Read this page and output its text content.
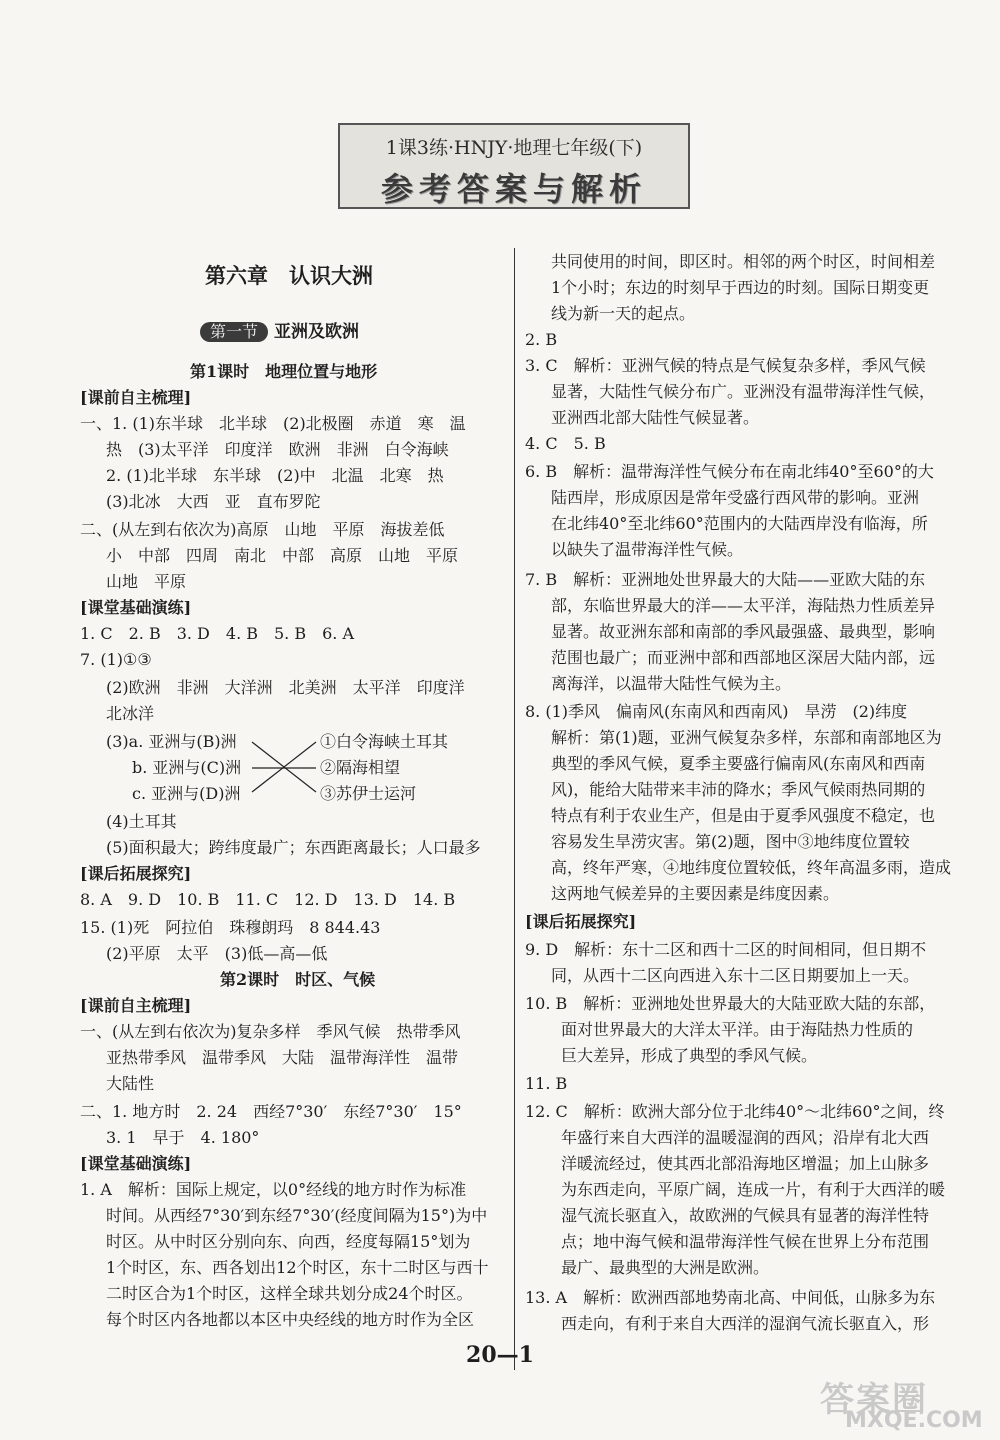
1课3练·HNJY·地理七年级(下)
参考答案与解析
第六章　认识大洲
第一节 亚洲及欧洲
第1课时　地理位置与地形
[课前自主梳理]
一、1. (1)东半球　北半球　(2)北极圈　赤道　寒　温
热　(3)太平洋　印度洋　欧洲　非洲　白令海峡
2. (1)北半球　东半球　(2)中　北温　北寒　热
(3)北冰　大西　亚　直布罗陀
二、(从左到右依次为)高原　山地　平原　海拔差低
小　中部　四周　南北　中部　高原　山地　平原
山地　平原
[课堂基础演练]
1. C　2. B　3. D　4. B　5. B　6. A
7. (1)①③
(2)欧洲　非洲　大洋洲　北美洲　太平洋　印度洋
北冰洋
(3)a. 亚洲与(B)洲
b. 亚洲与(C)洲
c. 亚洲与(D)洲
①白令海峡土耳其
②隔海相望
③苏伊士运河
(4)土耳其
(5)面积最大；跨纬度最广；东西距离最长；人口最多
[课后拓展探究]
8. A　9. D　10. B　11. C　12. D　13. D　14. B
15. (1)死　阿拉伯　珠穆朗玛　8 844.43
(2)平原　太平　(3)低—高—低
第2课时　时区、气候
[课前自主梳理]
一、(从左到右依次为)复杂多样　季风气候　热带季风
亚热带季风　温带季风　大陆　温带海洋性　温带
大陆性
二、1. 地方时　2. 24　西经7°30′　东经7°30′　15°
3. 1　早于　4. 180°
[课堂基础演练]
1. A　解析：国际上规定，以0°经线的地方时作为标准
时间。从西经7°30′到东经7°30′(经度间隔为15°)为中
时区。从中时区分别向东、向西，经度每隔15°划为
1个时区，东、西各划出12个时区，东十二时区与西十
二时区合为1个时区，这样全球共划分成24个时区。
每个时区内各地都以本区中央经线的地方时作为全区
共同使用的时间，即区时。相邻的两个时区，时间相差
1个小时；东边的时刻早于西边的时刻。国际日期变更
线为新一天的起点。
2. B
3. C　解析：亚洲气候的特点是气候复杂多样，季风气候
显著，大陆性气候分布广。亚洲没有温带海洋性气候，
亚洲西北部大陆性气候显著。
4. C　5. B
6. B　解析：温带海洋性气候分布在南北纬40°至60°的大
陆西岸，形成原因是常年受盛行西风带的影响。亚洲
在北纬40°至北纬60°范围内的大陆西岸没有临海，所
以缺失了温带海洋性气候。
7. B　解析：亚洲地处世界最大的大陆——亚欧大陆的东
部，东临世界最大的洋——太平洋，海陆热力性质差异
显著。故亚洲东部和南部的季风最强盛、最典型，影响
范围也最广；而亚洲中部和西部地区深居大陆内部，远
离海洋，以温带大陆性气候为主。
8. (1)季风　偏南风(东南风和西南风)　旱涝　(2)纬度
解析：第(1)题，亚洲气候复杂多样，东部和南部地区为
典型的季风气候，夏季主要盛行偏南风(东南风和西南
风)，能给大陆带来丰沛的降水；季风气候雨热同期的
特点有利于农业生产，但是由于夏季风强度不稳定，也
容易发生旱涝灾害。第(2)题，图中③地纬度位置较
高，终年严寒，④地纬度位置较低，终年高温多雨，造成
这两地气候差异的主要因素是纬度因素。
[课后拓展探究]
9. D　解析：东十二区和西十二区的时间相同，但日期不
同，从西十二区向西进入东十二区日期要加上一天。
10. B　解析：亚洲地处世界最大的大陆亚欧大陆的东部，
面对世界最大的大洋太平洋。由于海陆热力性质的
巨大差异，形成了典型的季风气候。
11. B
12. C　解析：欧洲大部分位于北纬40°～北纬60°之间，终
年盛行来自大西洋的温暖湿润的西风；沿岸有北大西
洋暖流经过，使其西北部沿海地区增温；加上山脉多
为东西走向，平原广阔，连成一片，有利于大西洋的暖
湿气流长驱直入，故欧洲的气候具有显著的海洋性特
点；地中海气候和温带海洋性气候在世界上分布范围
最广、最典型的大洲是欧洲。
13. A　解析：欧洲西部地势南北高、中间低，山脉多为东
西走向，有利于来自大西洋的湿润气流长驱直入，形
20—1
答案圈
MXQE.COM
